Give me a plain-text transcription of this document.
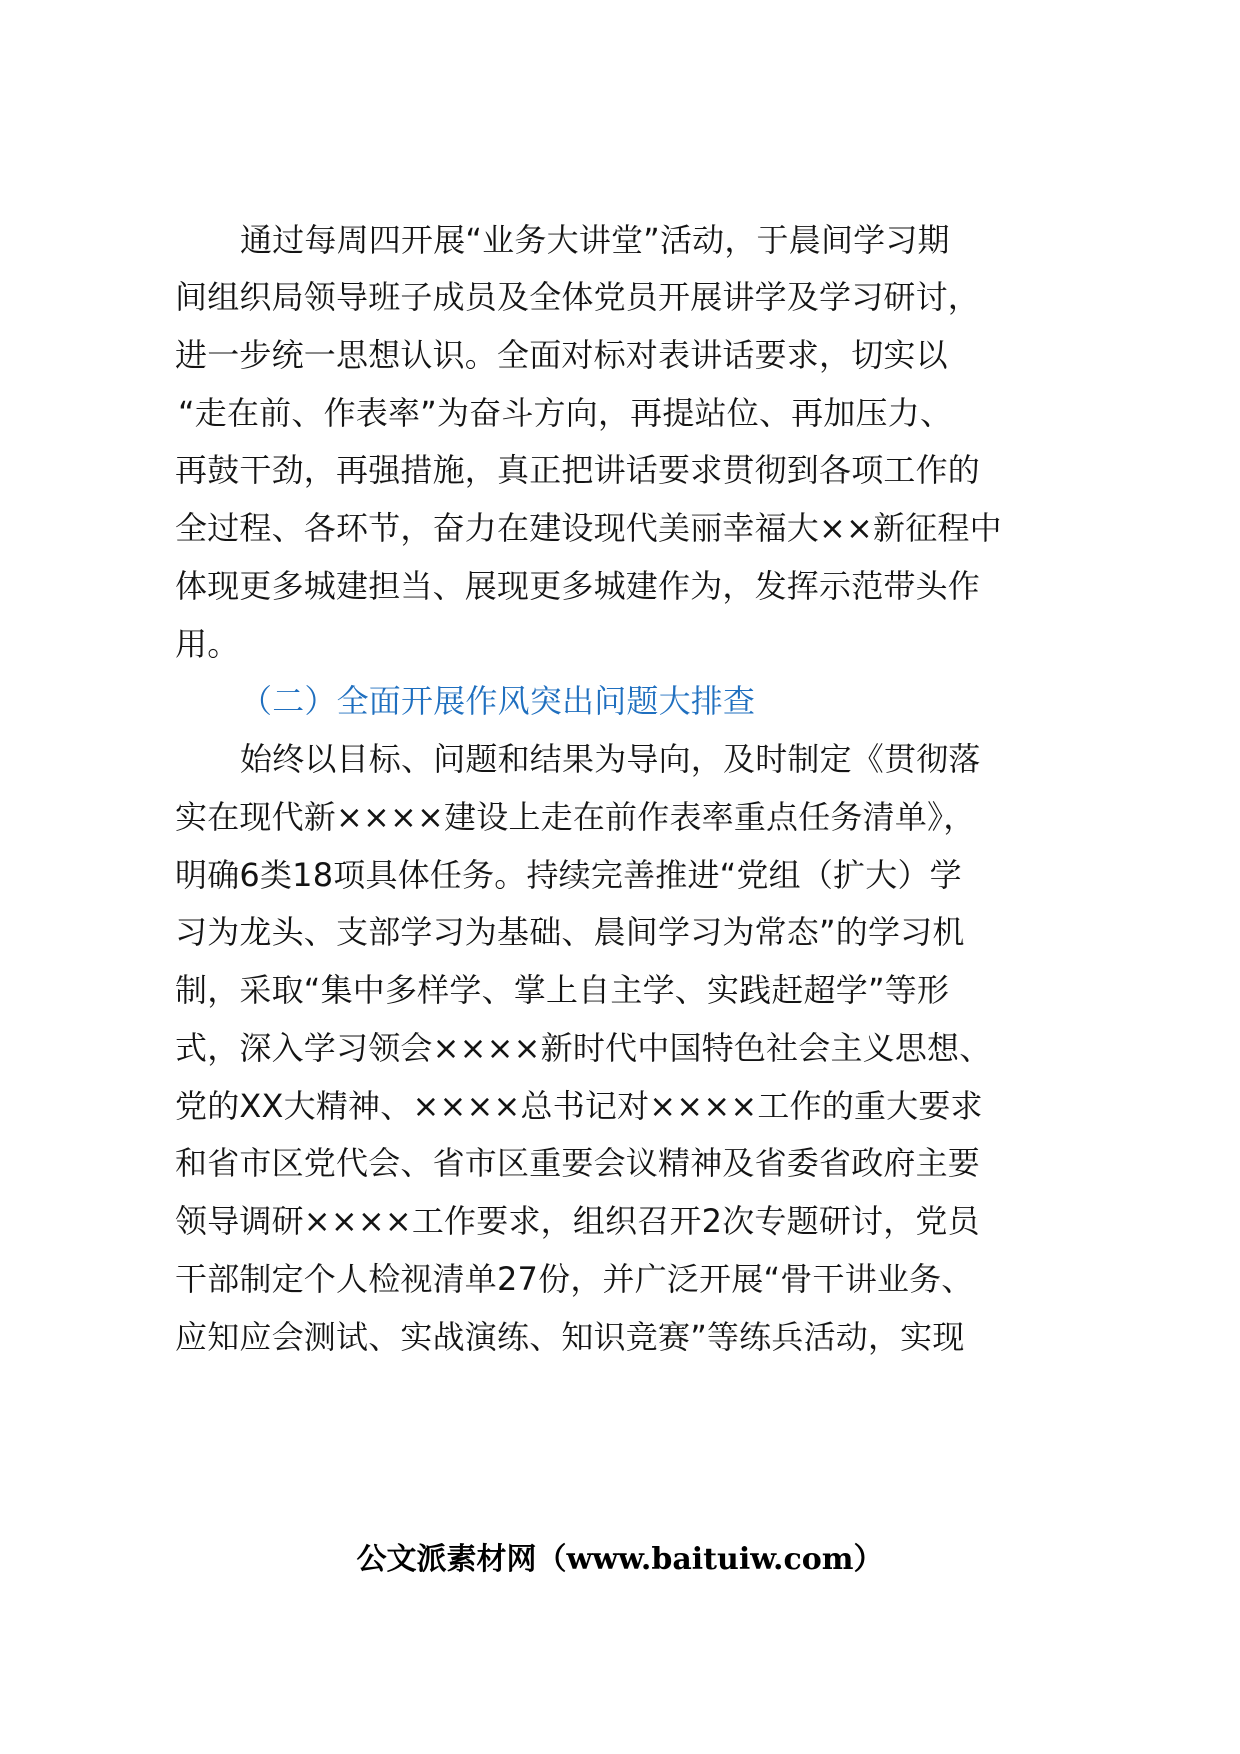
通过每周四开展“业务大讲堂”活动，于晨间学习期
间组织局领导班子成员及全体党员开展讲学及学习研讨，
进一步统一思想认识。全面对标对表讲话要求，切实以
“走在前、作表率”为奋斗方向，再提站位、再加压力、
再鼓干劲，再强措施，真正把讲话要求贯彻到各项工作的
全过程、各环节，奋力在建设现代美丽幸福大××新征程中
体现更多城建担当、展现更多城建作为，发挥示范带头作
用。
（二）全面开展作风突出问题大排查
始终以目标、问题和结果为导向，及时制定《贯彻落
实在现代新××××建设上走在前作表率重点任务清单》，
明确6类18项具体任务。持续完善推进“党组（扩大）学
习为龙头、支部学习为基础、晨间学习为常态”的学习机
制，采取“集中多样学、掌上自主学、实践赶超学”等形
式，深入学习领会××××新时代中国特色社会主义思想、
党的XX大精神、××××总书记对××××工作的重大要求
和省市区党代会、省市区重要会议精神及省委省政府主要
领导调研××××工作要求，组织召开2次专题研讨，党员
干部制定个人检视清单27份，并广泛开展“骨干讲业务、
应知应会测试、实战演练、知识竞赛”等练兵活动，实现
公文派素材网（www.baituiw.com）
